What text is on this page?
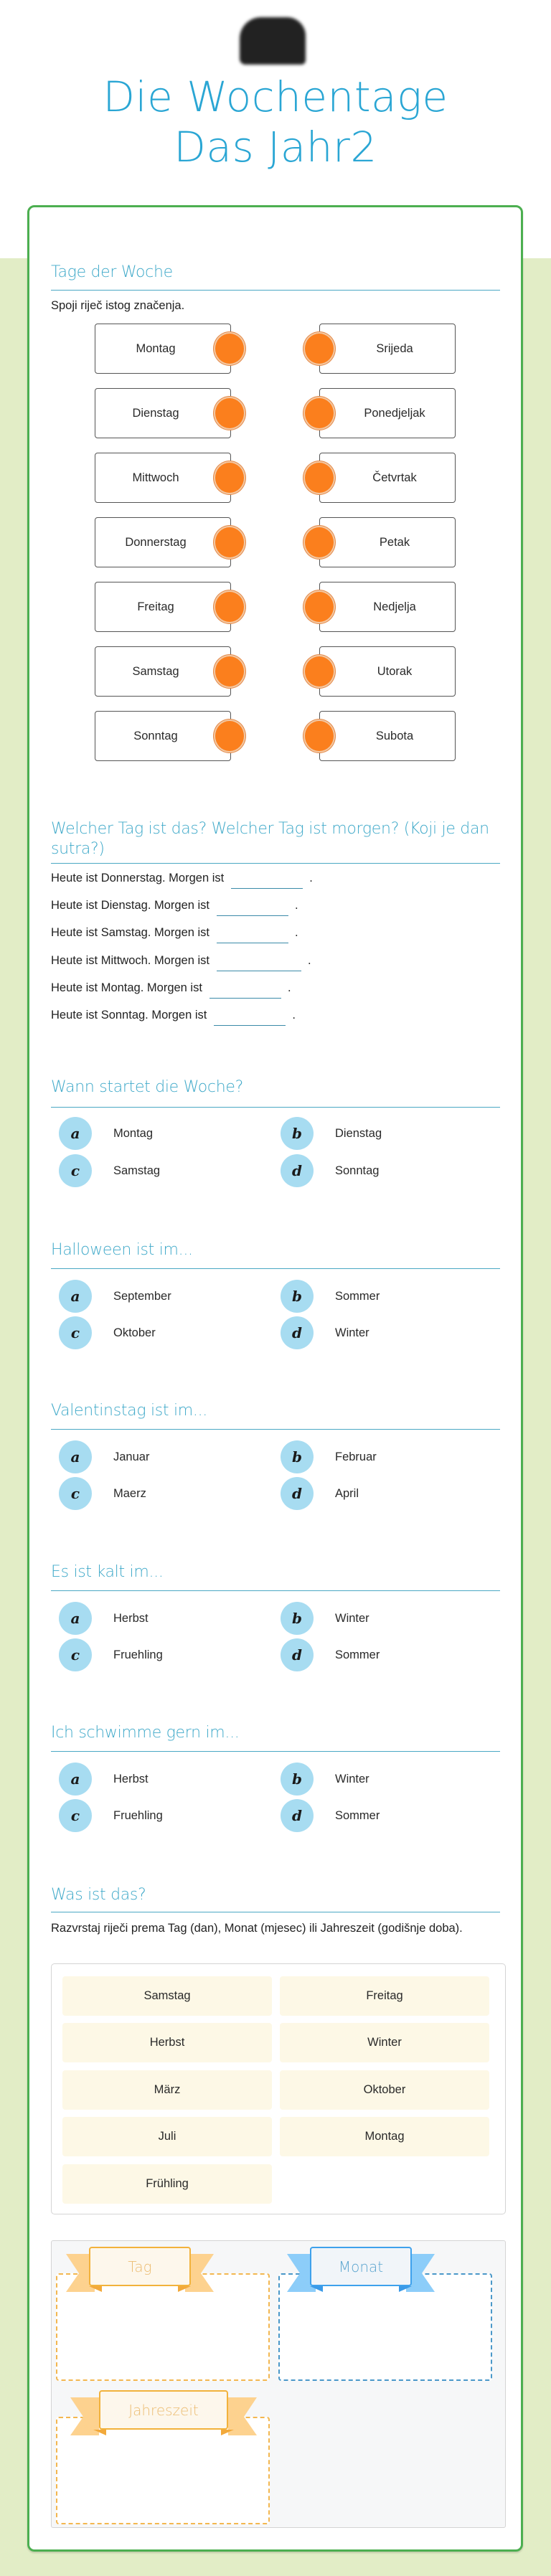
Die Wochentage
Das Jahr2
Tage der Woche
Spoji riječ istog značenja.
Montag
Dienstag
Mittwoch
Donnerstag
Freitag
Samstag
Sonntag
Srijeda
Ponedjeljak
Četvrtak
Petak
Nedjelja
Utorak
Subota
Welcher Tag ist das? Welcher Tag ist morgen? (Koji je dan sutra?)
Heute ist Donnerstag. Morgen ist	.
Heute ist Dienstag. Morgen ist	.
Heute ist Samstag. Morgen ist	.
Heute ist Mittwoch. Morgen ist	.
Heute ist Montag. Morgen ist	.
Heute ist Sonntag. Morgen ist	.
Wann startet die Woche?
a	Montag	b	Dienstag
c	Samstag	d	Sonntag
Halloween ist im...
a	September	b	Sommer
c	Oktober	d	Winter
Valentinstag ist im...
a	Januar	b	Februar
c	Maerz	d	April
Es ist kalt im...
a	Herbst	b	Winter
c	Fruehling	d	Sommer
Ich schwimme gern im...
a	Herbst	b	Winter
c	Fruehling	d	Sommer
Was ist das?
Razvrstaj riječi prema Tag (dan), Monat (mjesec) ili Jahreszeit (godišnje doba).
Samstag	Freitag
Herbst	Winter
März	Oktober
Juli	Montag
Frühling
Tag	Monat
Jahreszeit
